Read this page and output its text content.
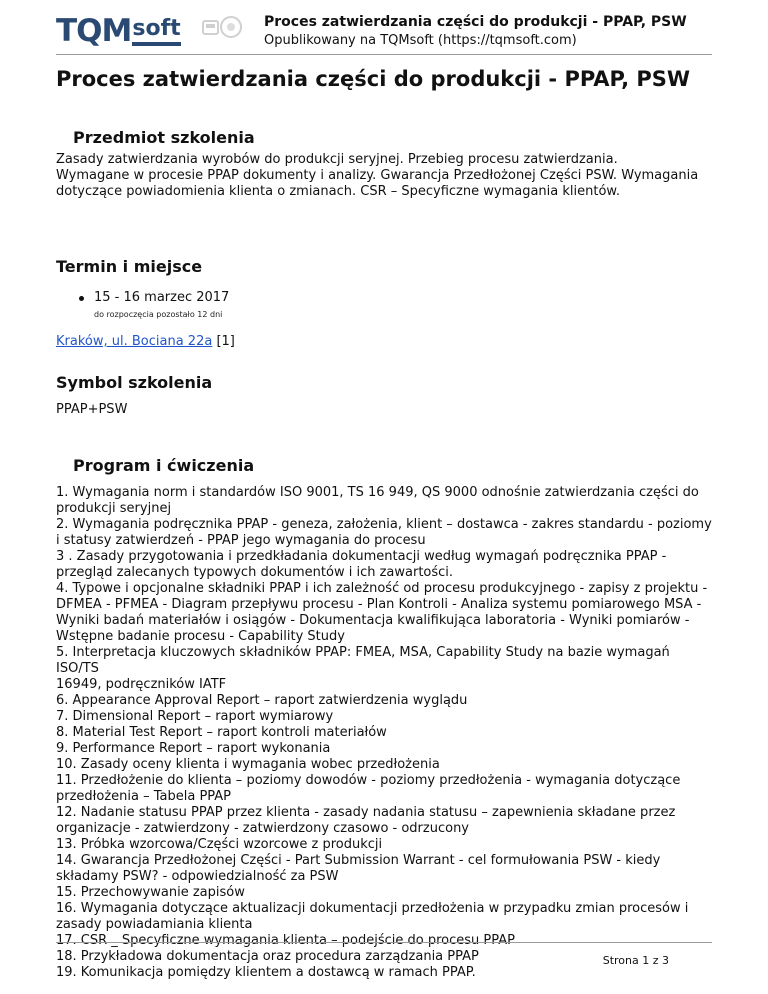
TQM soft	Proces zatwierdzania części do produkcji - PPAP, PSW
Opublikowany na TQMsoft (https://tqmsoft.com)
Proces zatwierdzania części do produkcji - PPAP, PSW
Przedmiot szkolenia
Zasady zatwierdzania wyrobów do produkcji seryjnej. Przebieg procesu zatwierdzania.
Wymagane w procesie PPAP dokumenty i analizy. Gwarancja Przedłożonej Części PSW. Wymagania
dotyczące powiadomienia klienta o zmianach. CSR – Specyficzne wymagania klientów.
Termin i miejsce
15 - 16 marzec 2017
do rozpoczęcia pozostało 12 dni
Kraków, ul. Bociana 22a [1]
Symbol szkolenia
PPAP+PSW
Program i ćwiczenia
1. Wymagania norm i standardów ISO 9001, TS 16 949, QS 9000 odnośnie zatwierdzania części do
produkcji seryjnej
2. Wymagania podręcznika PPAP - geneza, założenia, klient – dostawca - zakres standardu - poziomy
i statusy zatwierdzeń - PPAP jego wymagania do procesu
3 . Zasady przygotowania i przedkładania dokumentacji według wymagań podręcznika PPAP -
przegląd zalecanych typowych dokumentów i ich zawartości.
4. Typowe i opcjonalne składniki PPAP i ich zależność od procesu produkcyjnego - zapisy z projektu -
DFMEA - PFMEA - Diagram przepływu procesu - Plan Kontroli - Analiza systemu pomiarowego MSA -
Wyniki badań materiałów i osiągów - Dokumentacja kwalifikująca laboratoria - Wyniki pomiarów -
Wstępne badanie procesu - Capability Study
5. Interpretacja kluczowych składników PPAP: FMEA, MSA, Capability Study na bazie wymagań ISO/TS
16949, podręczników IATF
6. Appearance Approval Report – raport zatwierdzenia wyglądu
7. Dimensional Report – raport wymiarowy
8. Material Test Report – raport kontroli materiałów
9. Performance Report – raport wykonania
10. Zasady oceny klienta i wymagania wobec przedłożenia
11. Przedłożenie do klienta – poziomy dowodów - poziomy przedłożenia - wymagania dotyczące
przedłożenia – Tabela PPAP
12. Nadanie statusu PPAP przez klienta - zasady nadania statusu – zapewnienia składane przez
organizacje - zatwierdzony - zatwierdzony czasowo - odrzucony
13. Próbka wzorcowa/Części wzorcowe z produkcji
14. Gwarancja Przedłożonej Części - Part Submission Warrant - cel formułowania PSW - kiedy
składamy PSW? - odpowiedzialność za PSW
15. Przechowywanie zapisów
16. Wymagania dotyczące aktualizacji dokumentacji przedłożenia w przypadku zmian procesów i
zasady powiadamiania klienta
17. CSR _ Specyficzne wymagania klienta – podejście do procesu PPAP
18. Przykładowa dokumentacja oraz procedura zarządzania PPAP
19. Komunikacja pomiędzy klientem a dostawcą w ramach PPAP.
Strona 1 z 3
